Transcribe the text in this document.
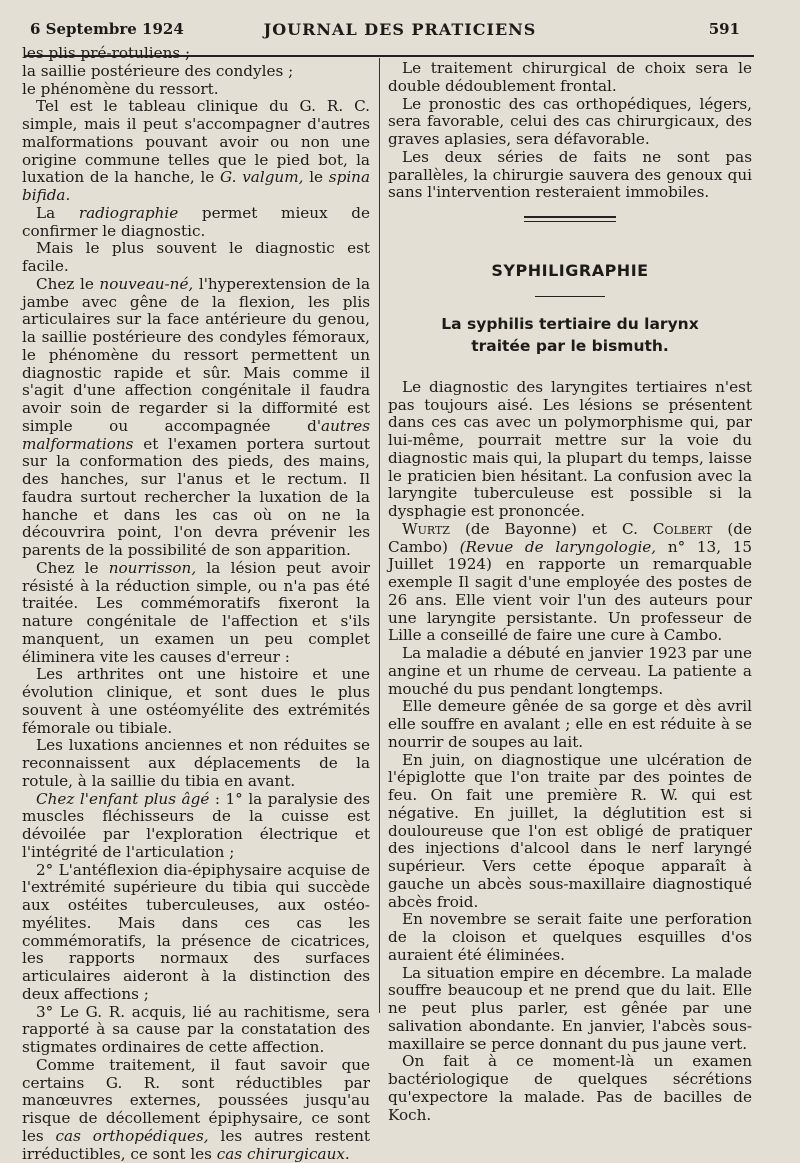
6 Septembre 1924	JOURNAL DES PRATICIENS	591

les plis pré-rotuliens ;

la saillie postérieure des condyles ;

le phénomène du ressort.

Tel est le tableau clinique du G. R. C. simple, mais il peut s'accompagner d'autres malformations pouvant avoir ou non une origine commune telles que le pied bot, la luxation de la hanche, le G. valgum, le spina bifida.

La radiographie permet mieux de confirmer le diagnostic.

Mais le plus souvent le diagnostic est facile.

Chez le nouveau-né, l'hyperextension de la jambe avec gêne de la flexion, les plis articulaires sur la face antérieure du genou, la saillie postérieure des condyles fémoraux, le phénomène du ressort permettent un diagnostic rapide et sûr. Mais comme il s'agit d'une affection congénitale il faudra avoir soin de regarder si la difformité est simple ou accompagnée d'autres malformations et l'examen portera surtout sur la conformation des pieds, des mains, des hanches, sur l'anus et le rectum. Il faudra surtout rechercher la luxation de la hanche et dans les cas où on ne la découvrira point, l'on devra prévenir les parents de la possibilité de son apparition.

Chez le nourrisson, la lésion peut avoir résisté à la réduction simple, ou n'a pas été traitée. Les commémoratifs fixeront la nature congénitale de l'affection et s'ils manquent, un examen un peu complet éliminera vite les causes d'erreur :

Les arthrites ont une histoire et une évolution clinique, et sont dues le plus souvent à une ostéomyélite des extrémités fémorale ou tibiale.

Les luxations anciennes et non réduites se reconnaissent aux déplacements de la rotule, à la saillie du tibia en avant.

Chez l'enfant plus âgé : 1° la paralysie des muscles fléchisseurs de la cuisse est dévoilée par l'exploration électrique et l'intégrité de l'articulation ;

2° L'antéflexion dia-épiphysaire acquise de l'extrémité supérieure du tibia qui succède aux ostéites tuberculeuses, aux ostéo-myélites. Mais dans ces cas les commémoratifs, la présence de cicatrices, les rapports normaux des surfaces articulaires aideront à la distinction des deux affections ;

3° Le G. R. acquis, lié au rachitisme, sera rapporté à sa cause par la constatation des stigmates ordinaires de cette affection.

Comme traitement, il faut savoir que certains G. R. sont réductibles par manœuvres externes, poussées jusqu'au risque de décollement épiphysaire, ce sont les cas orthopédiques, les autres restent irréductibles, ce sont les cas chirurgicaux.

Le traitement chirurgical de choix sera le double dédoublement frontal.

Le pronostic des cas orthopédiques, légers, sera favorable, celui des cas chirurgicaux, des graves aplasies, sera défavorable.

Les deux séries de faits ne sont pas parallèles, la chirurgie sauvera des genoux qui sans l'intervention resteraient immobiles.

SYPHILIGRAPHIE
La syphilis tertiaire du larynx
traitée par le bismuth.

Le diagnostic des laryngites tertiaires n'est pas toujours aisé. Les lésions se présentent dans ces cas avec un polymorphisme qui, par lui-même, pourrait mettre sur la voie du diagnostic mais qui, la plupart du temps, laisse le praticien bien hésitant. La confusion avec la laryngite tuberculeuse est possible si la dysphagie est prononcée.

Wurtz (de Bayonne) et C. Colbert (de Cambo) (Revue de laryngologie, n° 13, 15 Juillet 1924) en rapporte un remarquable exemple Il sagit d'une employée des postes de 26 ans. Elle vient voir l'un des auteurs pour une laryngite persistante. Un professeur de Lille a conseillé de faire une cure à Cambo.

La maladie a débuté en janvier 1923 par une angine et un rhume de cerveau. La patiente a mouché du pus pendant longtemps.

Elle demeure gênée de sa gorge et dès avril elle souffre en avalant ; elle en est réduite à se nourrir de soupes au lait.

En juin, on diagnostique une ulcération de l'épiglotte que l'on traite par des pointes de feu. On fait une première R. W. qui est négative. En juillet, la déglutition est si douloureuse que l'on est obligé de pratiquer des injections d'alcool dans le nerf laryngé supérieur. Vers cette époque apparaît à gauche un abcès sous-maxillaire diagnostiqué abcès froid.

En novembre se serait faite une perforation de la cloison et quelques esquilles d'os auraient été éliminées.

La situation empire en décembre. La malade souffre beaucoup et ne prend que du lait. Elle ne peut plus parler, est gênée par une salivation abondante. En janvier, l'abcès sous-maxillaire se perce donnant du pus jaune vert.

On fait à ce moment-là un examen bactériologique de quelques sécrétions qu'expectore la malade. Pas de bacilles de Koch.
